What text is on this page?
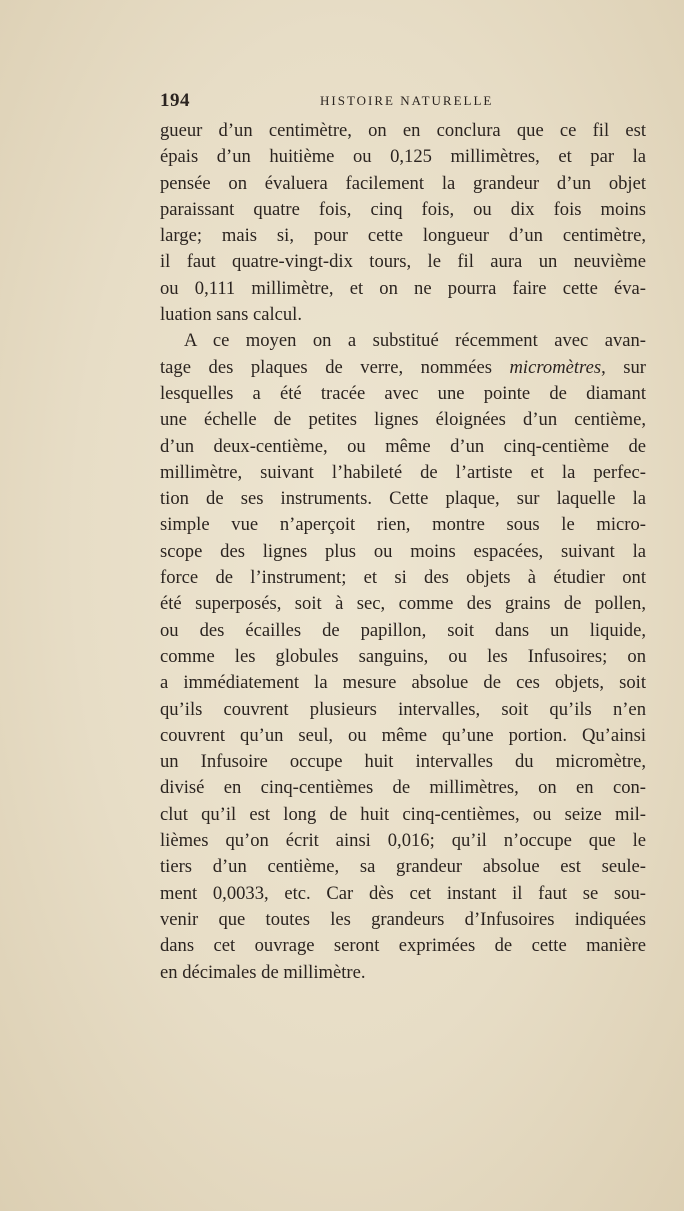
194	HISTOIRE NATURELLE

gueur d’un centimètre, on en conclura que ce fil est
épais d’un huitième ou 0,125 millimètres, et par la
pensée on évaluera facilement la grandeur d’un objet
paraissant quatre fois, cinq fois, ou dix fois moins
large; mais si, pour cette longueur d’un centimètre,
il faut quatre-vingt-dix tours, le fil aura un neuvième
ou 0,111 millimètre, et on ne pourra faire cette éva-
luation sans calcul.

A ce moyen on a substitué récemment avec avan-
tage des plaques de verre, nommées micromètres, sur
lesquelles a été tracée avec une pointe de diamant
une échelle de petites lignes éloignées d’un centième,
d’un deux-centième, ou même d’un cinq-centième de
millimètre, suivant l’habileté de l’artiste et la perfec-
tion de ses instruments. Cette plaque, sur laquelle la
simple vue n’aperçoit rien, montre sous le micro-
scope des lignes plus ou moins espacées, suivant la
force de l’instrument; et si des objets à étudier ont
été superposés, soit à sec, comme des grains de pollen,
ou des écailles de papillon, soit dans un liquide,
comme les globules sanguins, ou les Infusoires; on
a immédiatement la mesure absolue de ces objets, soit
qu’ils couvrent plusieurs intervalles, soit qu’ils n’en
couvrent qu’un seul, ou même qu’une portion. Qu’ainsi
un Infusoire occupe huit intervalles du micromètre,
divisé en cinq-centièmes de millimètres, on en con-
clut qu’il est long de huit cinq-centièmes, ou seize mil-
lièmes qu’on écrit ainsi 0,016; qu’il n’occupe que le
tiers d’un centième, sa grandeur absolue est seule-
ment 0,0033, etc. Car dès cet instant il faut se sou-
venir que toutes les grandeurs d’Infusoires indiquées
dans cet ouvrage seront exprimées de cette manière
en décimales de millimètre.
